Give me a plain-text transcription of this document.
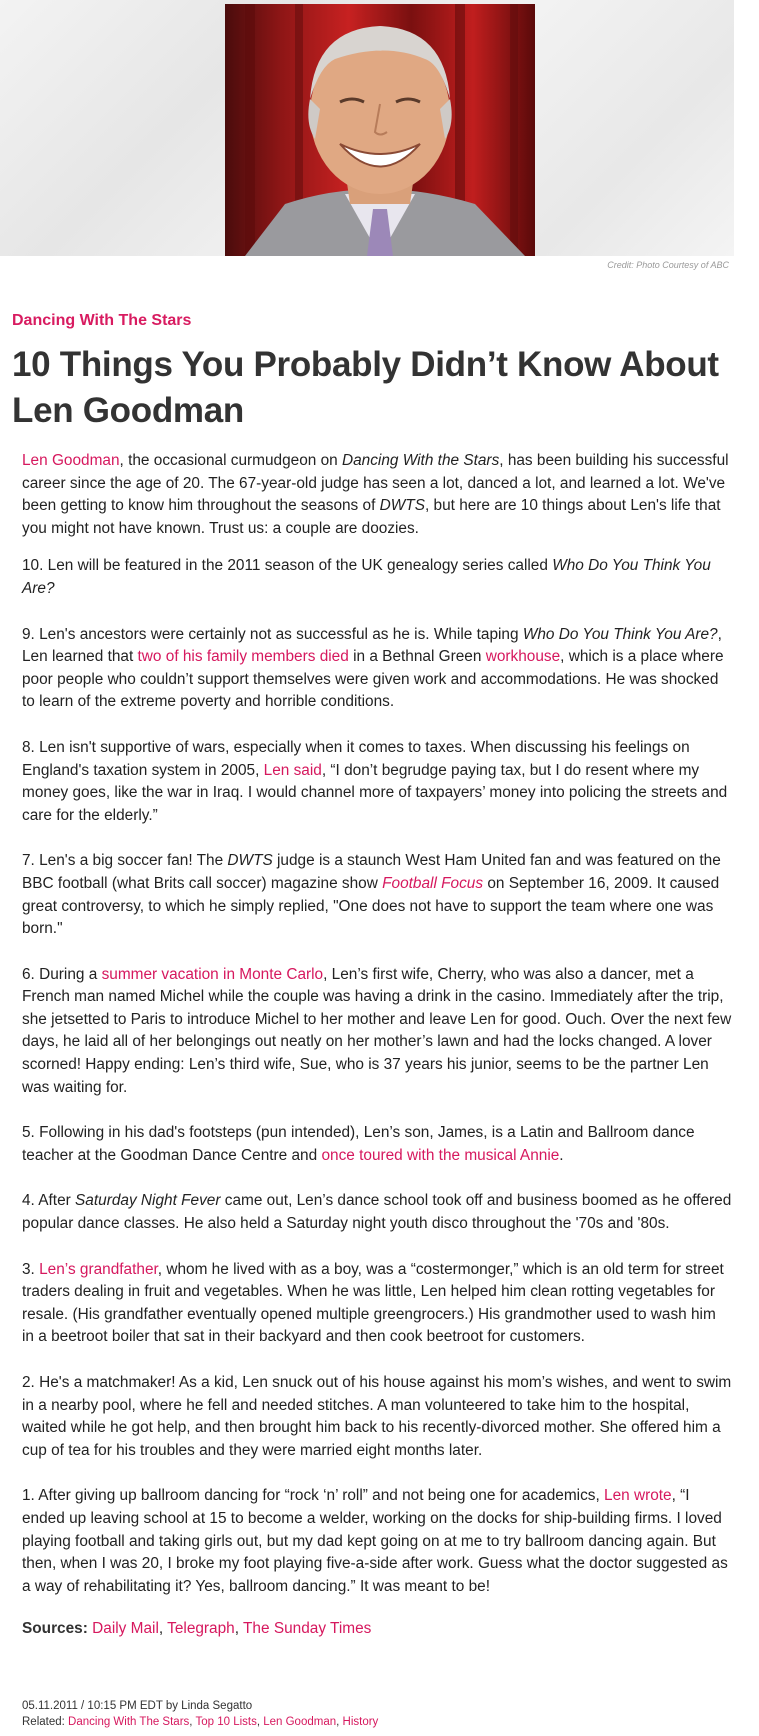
Credit: Photo Courtesy of ABC
Dancing With The Stars
10 Things You Probably Didn’t Know About Len Goodman

Len Goodman, the occasional curmudgeon on Dancing With the Stars, has been building his successful career since the age of 20. The 67-year-old judge has seen a lot, danced a lot, and learned a lot. We've been getting to know him throughout the seasons of DWTS, but here are 10 things about Len's life that you might not have known. Trust us: a couple are doozies.

10. Len will be featured in the 2011 season of the UK genealogy series called Who Do You Think You Are?

9. Len's ancestors were certainly not as successful as he is. While taping Who Do You Think You Are?, Len learned that two of his family members died in a Bethnal Green workhouse, which is a place where poor people who couldn’t support themselves were given work and accommodations. He was shocked to learn of the extreme poverty and horrible conditions.

8. Len isn't supportive of wars, especially when it comes to taxes. When discussing his feelings on England's taxation system in 2005, Len said, “I don’t begrudge paying tax, but I do resent where my money goes, like the war in Iraq. I would channel more of taxpayers’ money into policing the streets and care for the elderly.”

7. Len's a big soccer fan! The DWTS judge is a staunch West Ham United fan and was featured on the BBC football (what Brits call soccer) magazine show Football Focus on September 16, 2009. It caused great controversy, to which he simply replied, "One does not have to support the team where one was born."

6. During a summer vacation in Monte Carlo, Len’s first wife, Cherry, who was also a dancer, met a French man named Michel while the couple was having a drink in the casino. Immediately after the trip, she jetsetted to Paris to introduce Michel to her mother and leave Len for good. Ouch. Over the next few days, he laid all of her belongings out neatly on her mother’s lawn and had the locks changed. A lover scorned! Happy ending: Len’s third wife, Sue, who is 37 years his junior, seems to be the partner Len was waiting for.

5. Following in his dad's footsteps (pun intended), Len’s son, James, is a Latin and Ballroom dance teacher at the Goodman Dance Centre and once toured with the musical Annie.

4. After Saturday Night Fever came out, Len’s dance school took off and business boomed as he offered popular dance classes. He also held a Saturday night youth disco throughout the '70s and '80s.

3. Len’s grandfather, whom he lived with as a boy, was a “costermonger,” which is an old term for street traders dealing in fruit and vegetables. When he was little, Len helped him clean rotting vegetables for resale. (His grandfather eventually opened multiple greengrocers.) His grandmother used to wash him in a beetroot boiler that sat in their backyard and then cook beetroot for customers.

2. He's a matchmaker! As a kid, Len snuck out of his house against his mom’s wishes, and went to swim in a nearby pool, where he fell and needed stitches. A man volunteered to take him to the hospital, waited while he got help, and then brought him back to his recently-divorced mother. She offered him a cup of tea for his troubles and they were married eight months later.

1. After giving up ballroom dancing for “rock ‘n’ roll” and not being one for academics, Len wrote, “I ended up leaving school at 15 to become a welder, working on the docks for ship-building firms. I loved playing football and taking girls out, but my dad kept going on at me to try ballroom dancing again. But then, when I was 20, I broke my foot playing five-a-side after work. Guess what the doctor suggested as a way of rehabilitating it? Yes, ballroom dancing.” It was meant to be!

Sources: Daily Mail, Telegraph, The Sunday Times
05.11.2011 / 10:15 PM EDT by Linda Segatto
Related: Dancing With The Stars, Top 10 Lists, Len Goodman, History
